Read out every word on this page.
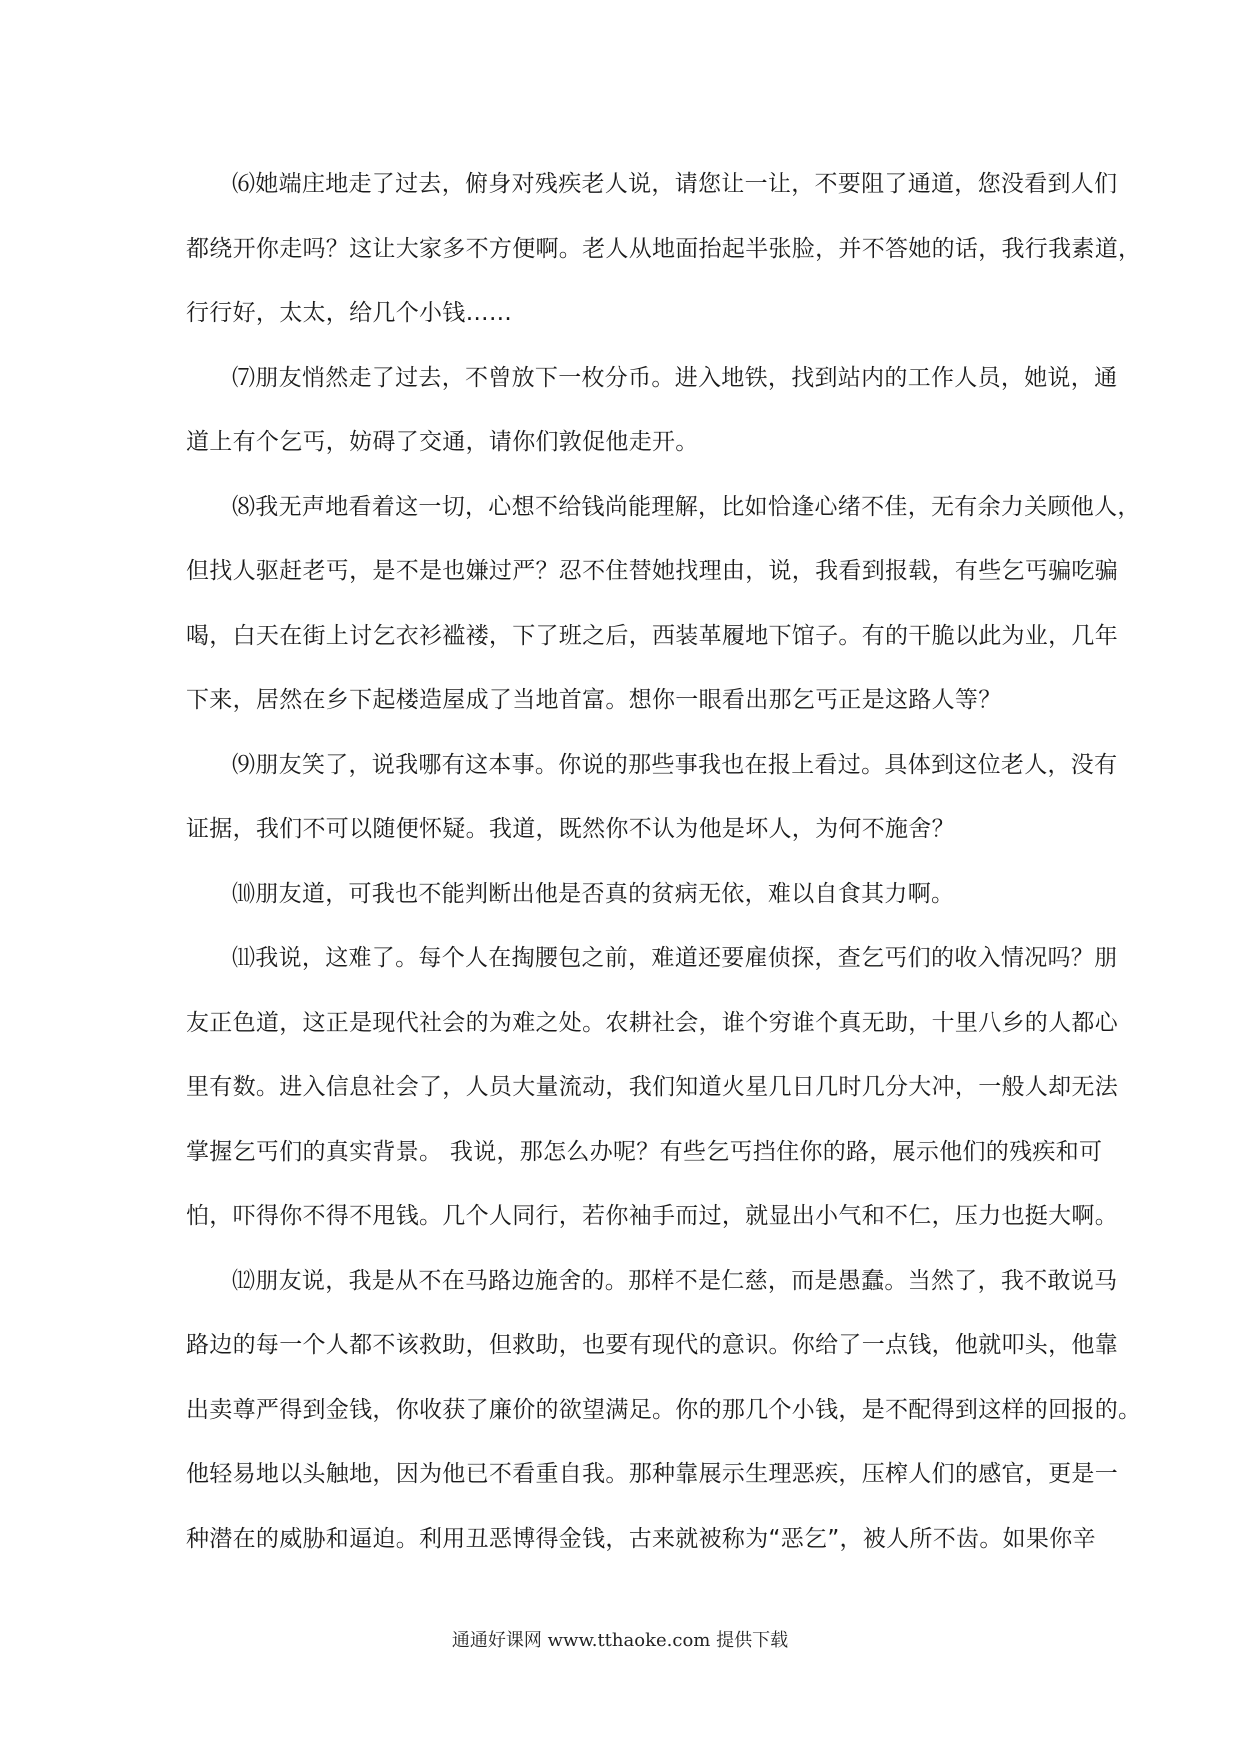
⑹她端庄地走了过去，俯身对残疾老人说，请您让一让，不要阻了通道，您没看到人们
都绕开你走吗？这让大家多不方便啊。老人从地面抬起半张脸，并不答她的话，我行我素道，
行行好，太太，给几个小钱……
⑺朋友悄然走了过去，不曾放下一枚分币。进入地铁，找到站内的工作人员，她说，通
道上有个乞丐，妨碍了交通，请你们敦促他走开。
⑻我无声地看着这一切，心想不给钱尚能理解，比如恰逢心绪不佳，无有余力关顾他人，
但找人驱赶老丐，是不是也嫌过严？忍不住替她找理由，说，我看到报载，有些乞丐骗吃骗
喝，白天在街上讨乞衣衫褴褛，下了班之后，西装革履地下馆子。有的干脆以此为业，几年
下来，居然在乡下起楼造屋成了当地首富。想你一眼看出那乞丐正是这路人等？
⑼朋友笑了，说我哪有这本事。你说的那些事我也在报上看过。具体到这位老人，没有
证据，我们不可以随便怀疑。我道，既然你不认为他是坏人，为何不施舍？
⑽朋友道，可我也不能判断出他是否真的贫病无依，难以自食其力啊。
⑾我说，这难了。每个人在掏腰包之前，难道还要雇侦探，查乞丐们的收入情况吗？朋
友正色道，这正是现代社会的为难之处。农耕社会，谁个穷谁个真无助，十里八乡的人都心
里有数。进入信息社会了，人员大量流动，我们知道火星几日几时几分大冲，一般人却无法
掌握乞丐们的真实背景。 我说，那怎么办呢？有些乞丐挡住你的路，展示他们的残疾和可
怕，吓得你不得不甩钱。几个人同行，若你袖手而过，就显出小气和不仁，压力也挺大啊。
⑿朋友说，我是从不在马路边施舍的。那样不是仁慈，而是愚蠢。当然了，我不敢说马
路边的每一个人都不该救助，但救助，也要有现代的意识。你给了一点钱，他就叩头，他靠
出卖尊严得到金钱，你收获了廉价的欲望满足。你的那几个小钱，是不配得到这样的回报的。
他轻易地以头触地，因为他已不看重自我。那种靠展示生理恶疾，压榨人们的感官，更是一
种潜在的威胁和逼迫。利用丑恶博得金钱，古来就被称为“恶乞”，被人所不齿。如果你辛
通通好课网 www.tthaoke.com 提供下载
